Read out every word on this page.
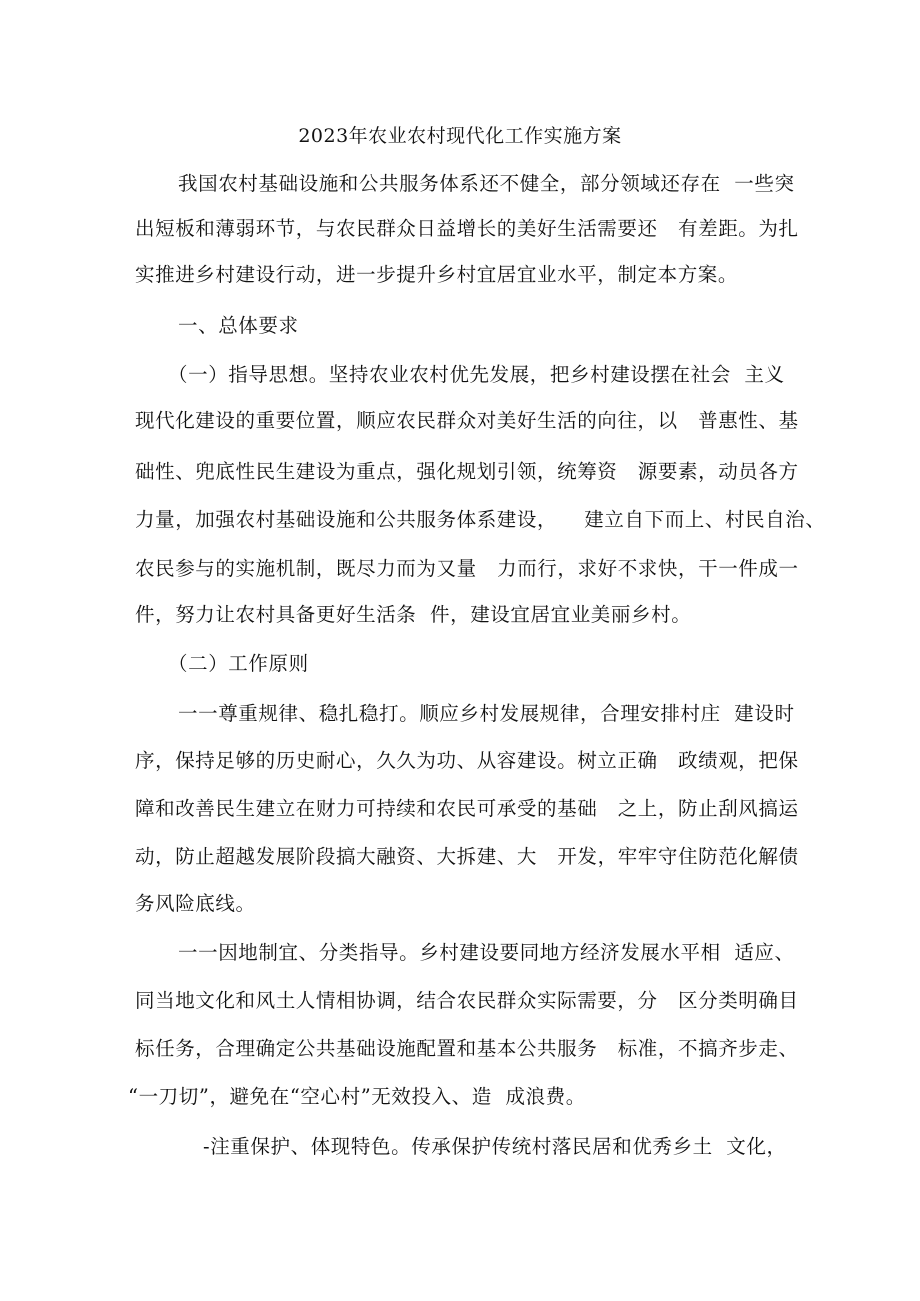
2023年农业农村现代化工作实施方案
我国农村基础设施和公共服务体系还不健全，部分领域还存在  一些突
出短板和薄弱环节，与农民群众日益增长的美好生活需要还   有差距。为扎
实推进乡村建设行动，进一步提升乡村宜居宜业水平，制定本方案。
一、总体要求
（一）指导思想。坚持农业农村优先发展，把乡村建设摆在社会  主义
现代化建设的重要位置，顺应农民群众对美好生活的向往，以   普惠性、基
础性、兜底性民生建设为重点，强化规划引领，统筹资   源要素，动员各方
力量，加强农村基础设施和公共服务体系建设，    建立自下而上、村民自治、
农民参与的实施机制，既尽力而为又量   力而行，求好不求快，干一件成一
件，努力让农村具备更好生活条  件，建设宜居宜业美丽乡村。
（二）工作原则
一一尊重规律、稳扎稳打。顺应乡村发展规律，合理安排村庄  建设时
序，保持足够的历史耐心，久久为功、从容建设。树立正确   政绩观，把保
障和改善民生建立在财力可持续和农民可承受的基础   之上，防止刮风搞运
动，防止超越发展阶段搞大融资、大拆建、大   开发，牢牢守住防范化解债
务风险底线。
一一因地制宜、分类指导。乡村建设要同地方经济发展水平相  适应、
同当地文化和风土人情相协调，结合农民群众实际需要，分   区分类明确目
标任务，合理确定公共基础设施配置和基本公共服务   标准，不搞齐步走、
“一刀切”，避免在“空心村”无效投入、造  成浪费。
-注重保护、体现特色。传承保护传统村落民居和优秀乡土  文化，
